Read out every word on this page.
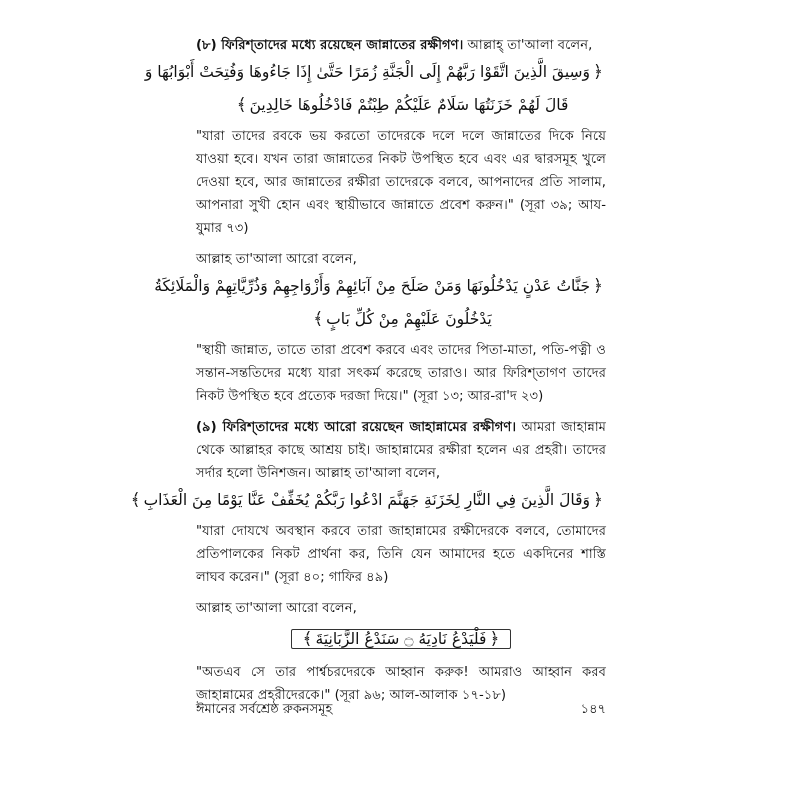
(৮) ফিরিশ্‌তাদের মধ্যে রয়েছেন জান্নাতের রক্ষীগণ। আল্লাহ্‌ তা'আলা বলেন,

﴿وَسِيقَ الَّذِينَ اتَّقَوْا رَبَّهُمْ إِلَى الْجَنَّةِ زُمَرًا حَتَّىٰ إِذَا جَاءُوهَا وَفُتِحَتْ أَبْوَابُهَا وَ
قَالَ لَهُمْ خَزَنَتُهَا سَلَامٌ عَلَيْكُمْ طِبْتُمْ فَادْخُلُوهَا خَالِدِينَ﴾

"যারা তাদের রবকে ভয় করতো তাদেরকে দলে দলে জান্নাতের দিকে নিয়ে যাওয়া হবে। যখন তারা জান্নাতের নিকট উপস্থিত হবে এবং এর দ্বারসমূহ খুলে দেওয়া হবে, আর জান্নাতের রক্ষীরা তাদেরকে বলবে, আপনাদের প্রতি সালাম, আপনারা সুখী হোন এবং স্থায়ীভাবে জান্নাতে প্রবেশ করুন।" (সূরা ৩৯; আয-যুমার ৭৩)

আল্লাহ তা'আলা আরো বলেন,

﴿جَنَّاتُ عَدْنٍ يَدْخُلُونَهَا وَمَنْ صَلَحَ مِنْ آبَائِهِمْ وَأَزْوَاجِهِمْ وَذُرِّيَّاتِهِمْ وَالْمَلَائِكَةُ
يَدْخُلُونَ عَلَيْهِمْ مِنْ كُلِّ بَابٍ﴾

"স্থায়ী জান্নাত, তাতে তারা প্রবেশ করবে এবং তাদের পিতা-মাতা, পতি-পত্নী ও সন্তান-সন্ততিদের মধ্যে যারা সৎকর্ম করেছে তারাও। আর ফিরিশ্‌তাগণ তাদের নিকট উপস্থিত হবে প্রত্যেক দরজা দিয়ে।" (সূরা ১৩; আর-রা'দ ২৩)

(৯) ফিরিশ্‌তাদের মধ্যে আরো রয়েছেন জাহান্নামের রক্ষীগণ। আমরা জাহান্নাম থেকে আল্লাহর কাছে আশ্রয় চাই। জাহান্নামের রক্ষীরা হলেন এর প্রহরী। তাদের সর্দার হলো উনিশজন। আল্লাহ তা'আলা বলেন,

﴿وَقَالَ الَّذِينَ فِي النَّارِ لِخَزَنَةِ جَهَنَّمَ ادْعُوا رَبَّكُمْ يُخَفِّفْ عَنَّا يَوْمًا مِنَ الْعَذَابِ﴾

"যারা দোযখে অবস্থান করবে তারা জাহান্নামের রক্ষীদেরকে বলবে, তোমাদের প্রতিপালকের নিকট প্রার্থনা কর, তিনি যেন আমাদের হতে একদিনের শাস্তি লাঘব করেন।" (সূরা ৪০; গাফির ৪৯)

আল্লাহ তা'আলা আরো বলেন,

﴿فَلْيَدْعُ نَادِيَهُ ۝ سَنَدْعُ الزَّبَانِيَةَ﴾

"অতএব সে তার পার্শ্বচরদেরকে আহ্বান করুক! আমরাও আহ্বান করব জাহান্নামের প্রহরীদেরকে।" (সূরা ৯৬; আল-আলাক ১৭-১৮)

ঈমানের সর্বশ্রেষ্ঠ রুকনসমূহ	১৪৭
